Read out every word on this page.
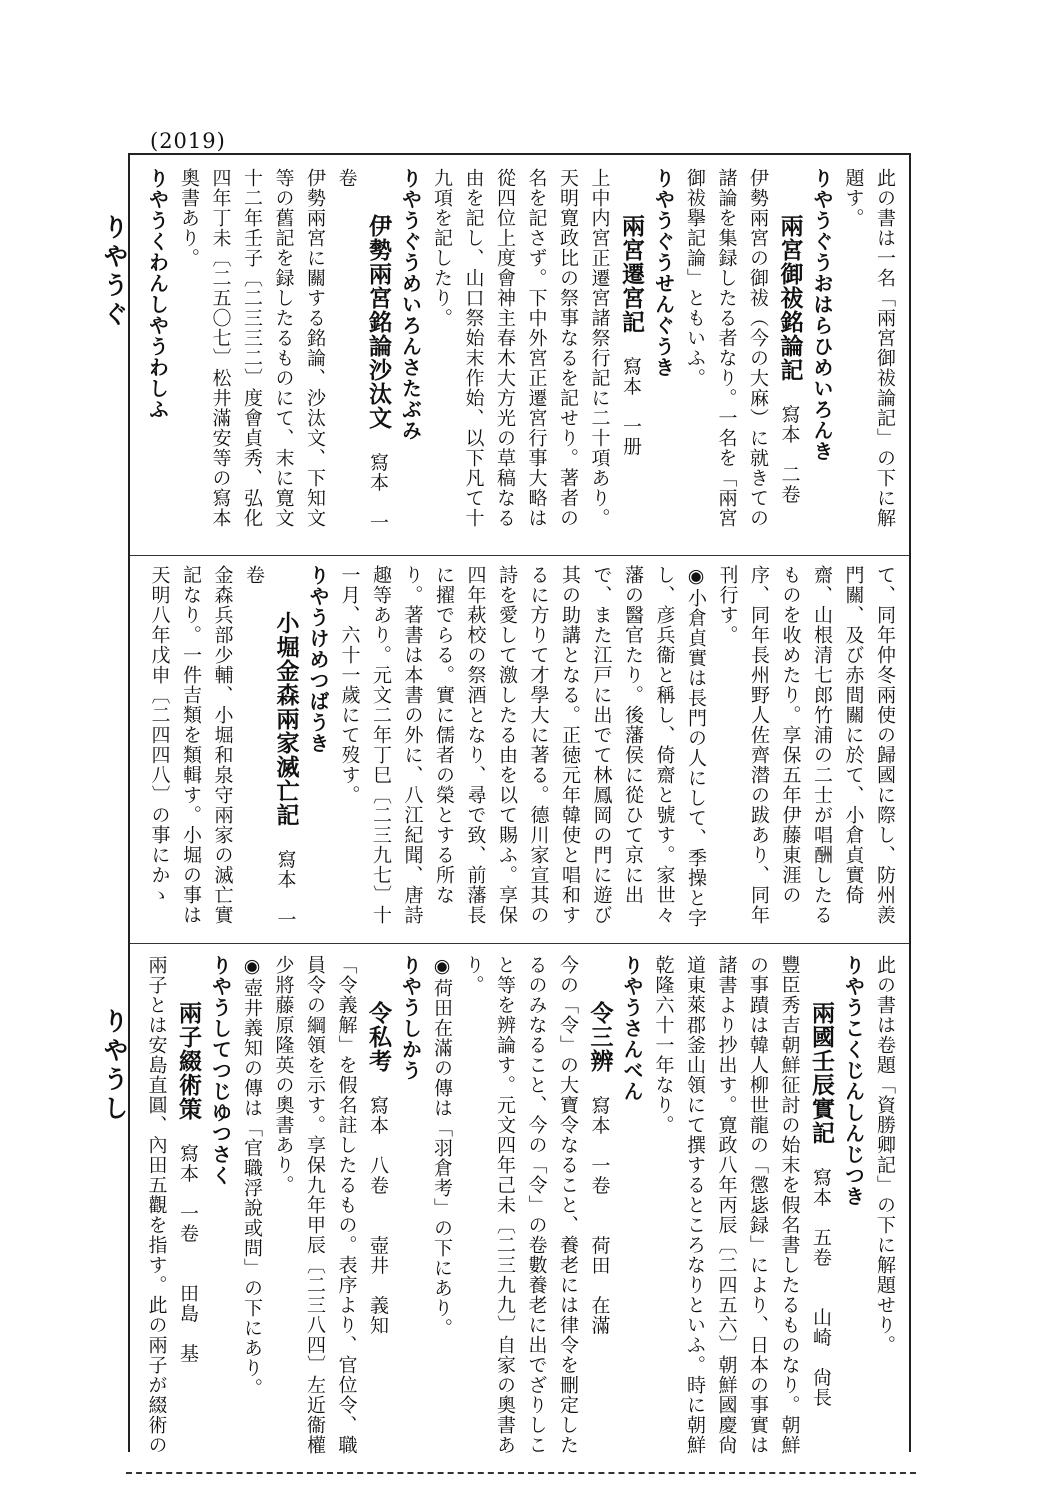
(2019)
りやうぐ
りやうし

此の書は一名「兩宮御祓論記」の下に解題す。

りやうぐうおはらひめいろんき

兩宮御祓銘論記寫本　二卷

伊勢兩宮の御祓（今の大麻）に就きての諸論を集録したる者なり。一名を「兩宮御祓擧記論」ともいふ。

りやうぐうせんぐうき

兩宮遷宮記寫本　一册

上中内宮正遷宮諸祭行記に二十項あり。天明寛政比の祭事なるを記せり。著者の名を記さず。下中外宮正遷宮行事大略は從四位上度會神主春木大方光の草稿なる由を記し、山口祭始末作始、以下凡て十九項を記したり。

りやうぐうめいろんさたぶみ

伊勢兩宮銘論沙汰文寫本　一卷

伊勢兩宮に關する銘論、沙汰文、下知文等の舊記を録したるものにて、末に寛文十二年壬子〔二三三二〕度會貞秀、弘化四年丁未〔二五〇七〕松井滿安等の寫本奧書あり。

りやうくわんしやうわしふ

て、同年仲冬兩使の歸國に際し、防州羨門關、及び赤間關に於て、小倉貞實倚齋、山根清七郎竹浦の二士が唱酬したるものを收めたり。享保五年伊藤東涯の序、同年長州野人佐齊潜の跋あり、同年刊行す。

◉小倉貞實は長門の人にして、季操と字し、彦兵衞と稱し、倚齋と號す。家世々藩の醫官たり。後藩侯に從ひて京に出で、また江戸に出でて林鳳岡の門に遊び其の助講となる。正徳元年韓使と唱和するに方りて才學大に著る。德川家宣其の詩を愛して激したる由を以て賜ふ。享保四年萩校の祭酒となり、尋で致、前藩長に擢でらる。實に儒者の榮とする所なり。著書は本書の外に、八江紀聞、唐詩趣等あり。元文二年丁巳〔二三九七〕十一月、六十一歲にて歿す。

りやうけめつばうき

小堀金森兩家滅亡記寫本　一卷

金森兵部少輔、小堀和泉守兩家の滅亡實記なり。一件吉類を類輯す。小堀の事は天明八年戊申〔二四四八〕の事にかゝ

此の書は卷題「資勝卿記」の下に解題せり。

りやうこくじんしんじつき

兩國壬辰實記寫本　五卷　　山崎　尙長

豐臣秀吉朝鮮征討の始末を假名書したるものなり。朝鮮の事蹟は韓人柳世龍の「懲毖録」により、日本の事實は諸書より抄出す。寛政八年丙辰〔二四五六〕朝鮮國慶尙道東萊郡釜山領にて撰するところなりといふ。時に朝鮮乾隆六十一年なり。

りやうさんべん

令三辨寫本　一卷　　荷田　在滿

今の「令」の大寶令なること、養老には律令を刪定したるのみなること、今の「令」の卷數養老に出でざりしこと等を辨論す。元文四年己未〔二三九九〕自家の奧書あり。

◉荷田在滿の傳は「羽倉考」の下にあり。

りやうしかう

令私考寫本　八卷　　壺井　義知

「令義解」を假名註したるもの。表序より、官位令、職員令の綱領を示す。享保九年甲辰〔二三八四〕左近衞權少將藤原隆英の奧書あり。

◉壺井義知の傳は「官職浮說或問」の下にあり。

りやうしてつじゆつさく

兩子綴術策寫本　一卷　　田島　基

兩子とは安島直圓、內田五觀を指す。此の兩子が綴術の
